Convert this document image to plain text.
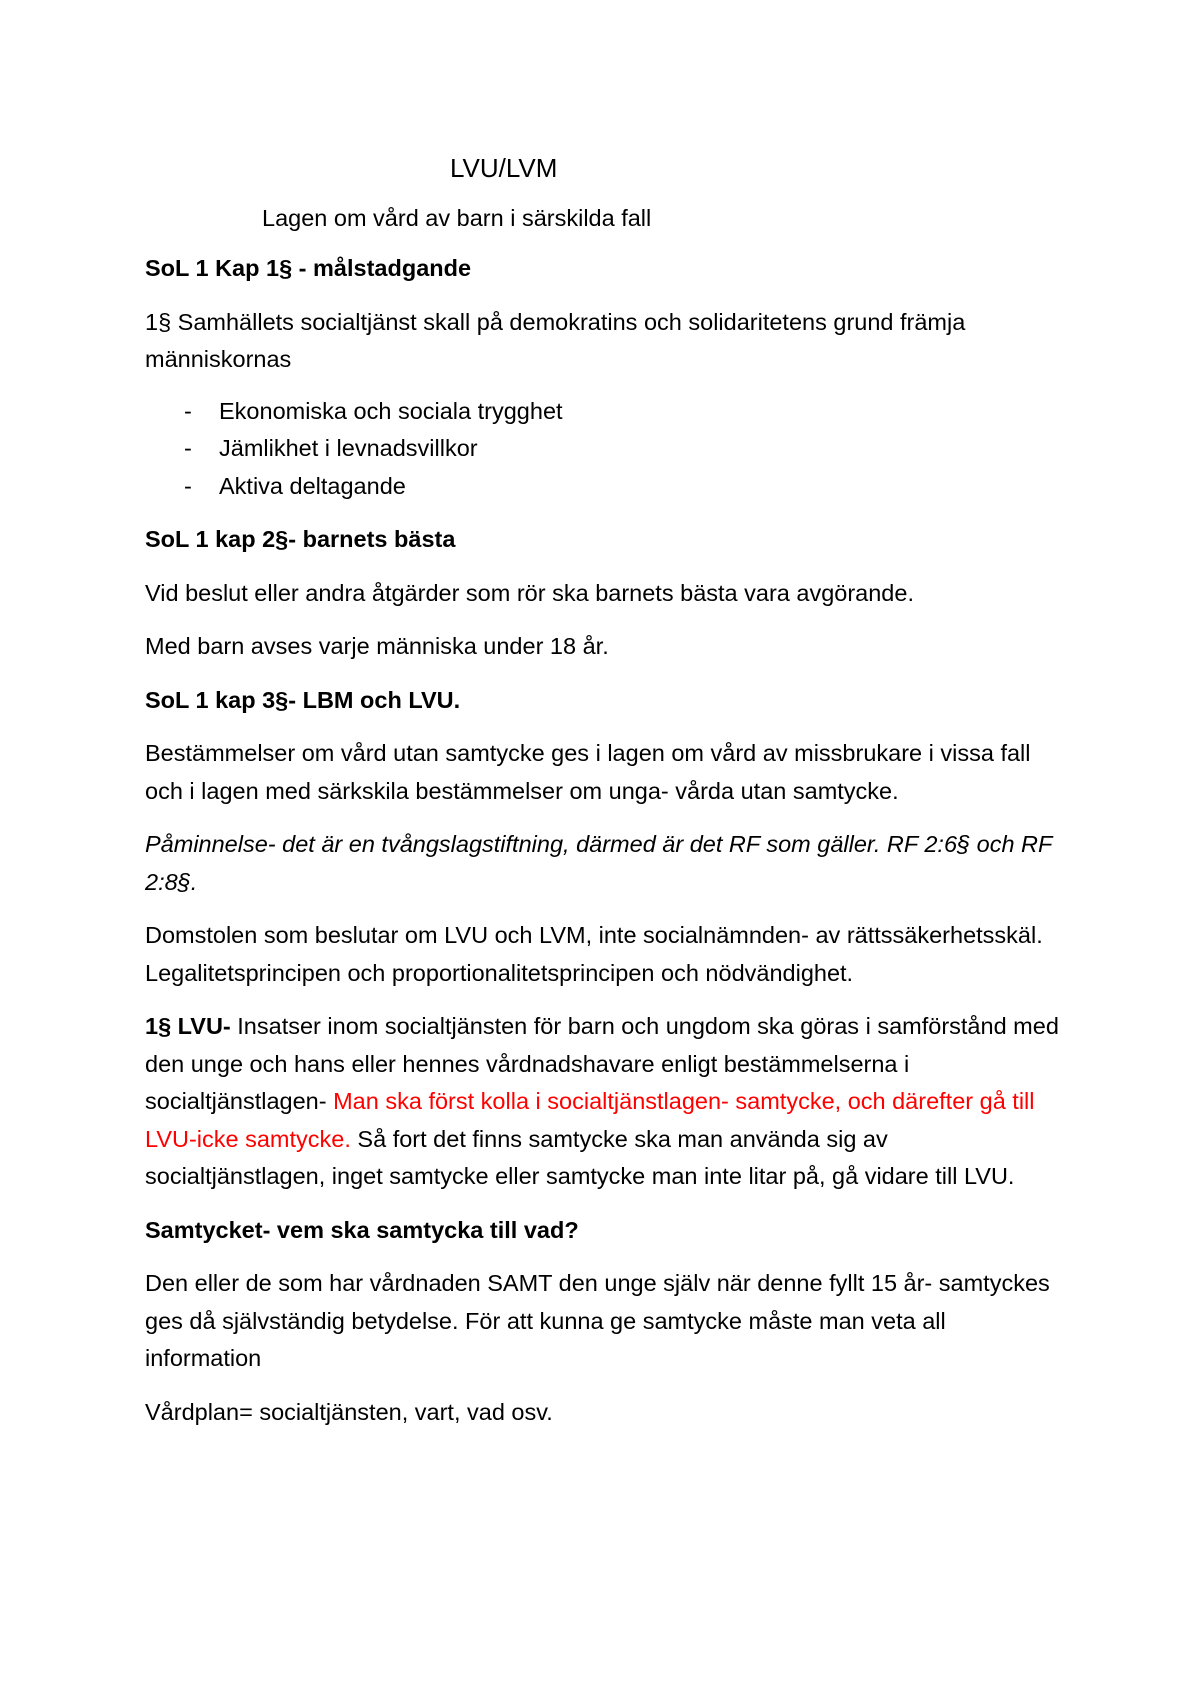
LVU/LVM
Lagen om vård av barn i särskilda fall
SoL 1 Kap 1§ - målstadgande

1§ Samhällets socialtjänst skall på demokratins och solidaritetens grund främja människornas

- Ekonomiska och sociala trygghet
- Jämlikhet i levnadsvillkor
- Aktiva deltagande
SoL 1 kap 2§- barnets bästa

Vid beslut eller andra åtgärder som rör ska barnets bästa vara avgörande.

Med barn avses varje människa under 18 år.

SoL 1 kap 3§- LBM och LVU.

Bestämmelser om vård utan samtycke ges i lagen om vård av missbrukare i vissa fall och i lagen med särkskila bestämmelser om unga- vårda utan samtycke.

Påminnelse- det är en tvångslagstiftning, därmed är det RF som gäller. RF 2:6§ och RF 2:8§.

Domstolen som beslutar om LVU och LVM, inte socialnämnden- av rättssäkerhetsskäl. Legalitetsprincipen och proportionalitetsprincipen och nödvändighet.

1§ LVU- Insatser inom socialtjänsten för barn och ungdom ska göras i samförstånd med den unge och hans eller hennes vårdnadshavare enligt bestämmelserna i socialtjänstlagen- Man ska först kolla i socialtjänstlagen- samtycke, och därefter gå till LVU-icke samtycke. Så fort det finns samtycke ska man använda sig av socialtjänstlagen, inget samtycke eller samtycke man inte litar på, gå vidare till LVU.

Samtycket- vem ska samtycka till vad?

Den eller de som har vårdnaden SAMT den unge själv när denne fyllt 15 år- samtyckes ges då självständig betydelse. För att kunna ge samtycke måste man veta all information

Vårdplan= socialtjänsten, vart, vad osv.
